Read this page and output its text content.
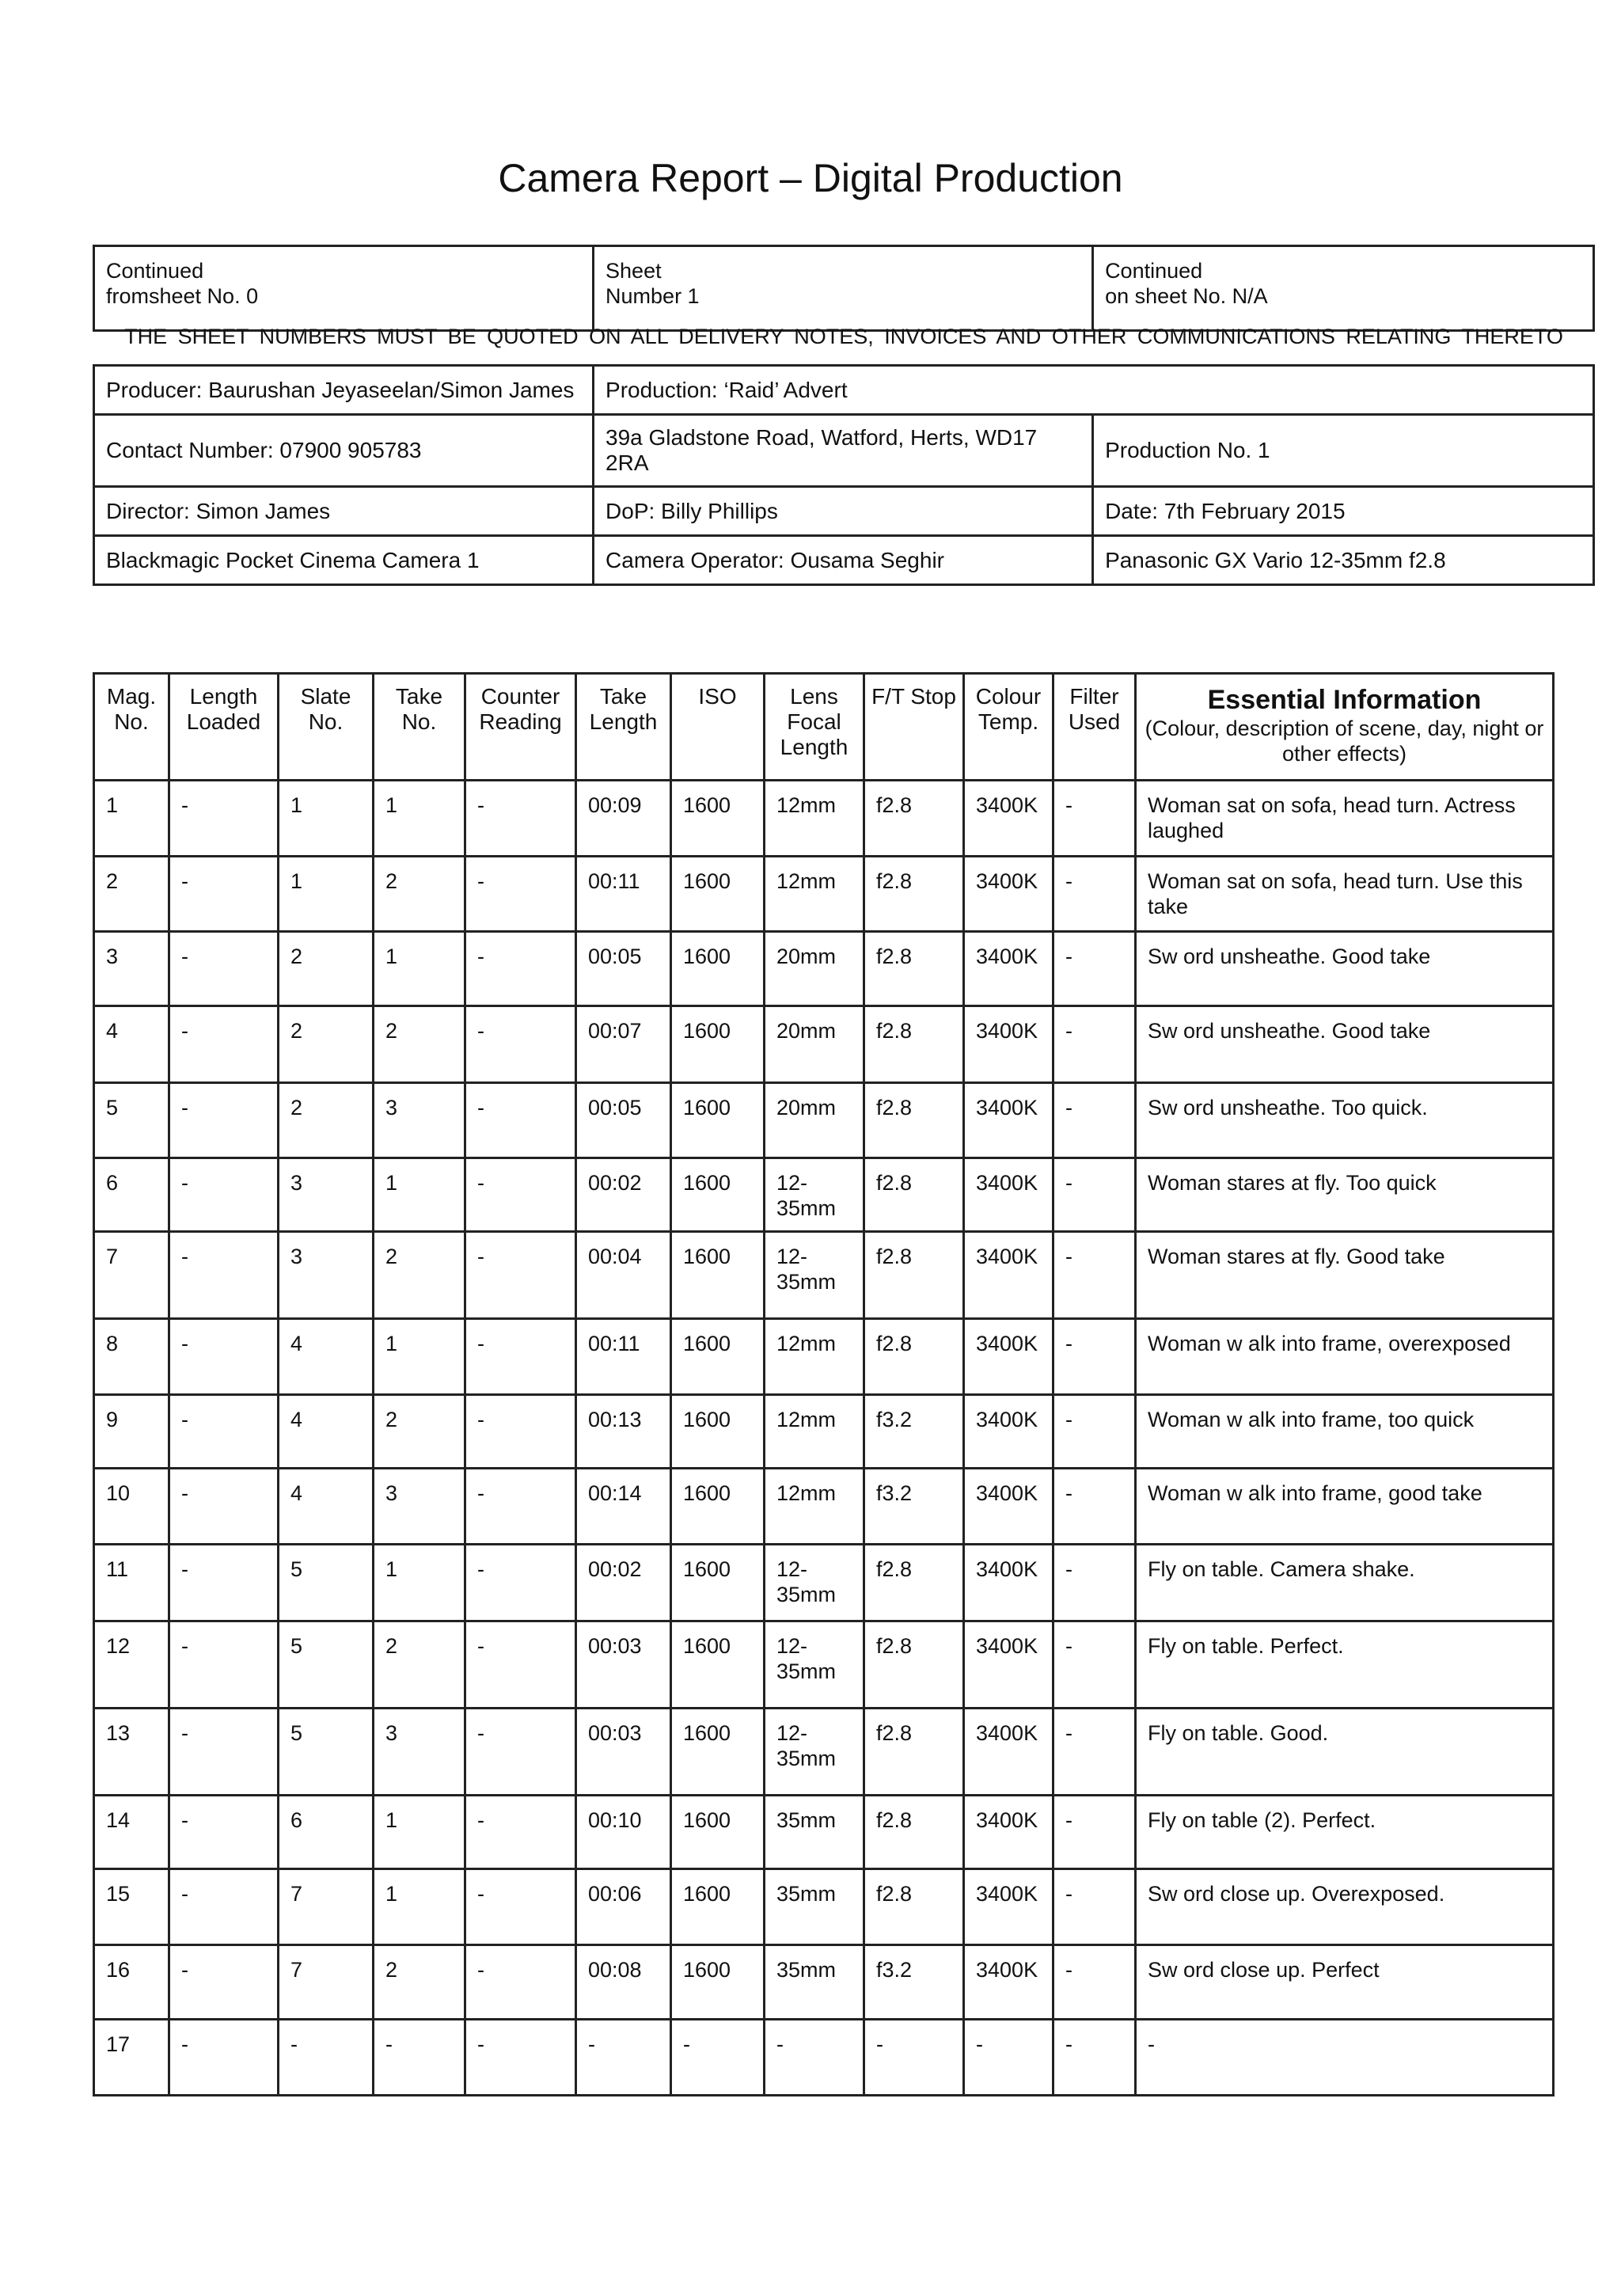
Camera Report – Digital Production
Continued
fromsheet No. 0

Sheet
Number 1

Continued
on sheet No. N/A
THE SHEET NUMBERS MUST BE QUOTED ON ALL DELIVERY NOTES, INVOICES AND OTHER COMMUNICATIONS RELATING THERETO
Producer: Baurushan Jeyaseelan/Simon James	Production: ‘Raid’ Advert	
Contact Number: 07900 905783	39a Gladstone Road, Watford, Herts, WD17 2RA	Production No. 1
Director: Simon James	DoP: Billy Phillips	Date: 7th February 2015
Blackmagic Pocket Cinema Camera 1	Camera Operator: Ousama Seghir	Panasonic GX Vario 12-35mm f2.8
Mag. No.	Length Loaded	Slate No.	Take No.	Counter Reading	Take Length	ISO	Lens Focal Length	F/T Stop	Colour Temp.	Filter Used	Essential Information
(Colour, description of scene, day, night or other effects)
1	-	1	1	-	00:09	1600	12mm	f2.8	3400K	-	Woman sat on sofa, head turn. Actress laughed
2	-	1	2	-	00:11	1600	12mm	f2.8	3400K	-	Woman sat on sofa, head turn. Use this take
3	-	2	1	-	00:05	1600	20mm	f2.8	3400K	-	Sw ord unsheathe. Good take
4	-	2	2	-	00:07	1600	20mm	f2.8	3400K	-	Sw ord unsheathe. Good take
5	-	2	3	-	00:05	1600	20mm	f2.8	3400K	-	Sw ord unsheathe. Too quick.
6	-	3	1	-	00:02	1600	12-35mm	f2.8	3400K	-	Woman stares at fly. Too quick
7	-	3	2	-	00:04	1600	12-35mm	f2.8	3400K	-	Woman stares at fly. Good take
8	-	4	1	-	00:11	1600	12mm	f2.8	3400K	-	Woman w alk into frame, overexposed
9	-	4	2	-	00:13	1600	12mm	f3.2	3400K	-	Woman w alk into frame, too quick
10	-	4	3	-	00:14	1600	12mm	f3.2	3400K	-	Woman w alk into frame, good take
11	-	5	1	-	00:02	1600	12-35mm	f2.8	3400K	-	Fly on table. Camera shake.
12	-	5	2	-	00:03	1600	12-35mm	f2.8	3400K	-	Fly on table. Perfect.
13	-	5	3	-	00:03	1600	12-35mm	f2.8	3400K	-	Fly on table. Good.
14	-	6	1	-	00:10	1600	35mm	f2.8	3400K	-	Fly on table (2). Perfect.
15	-	7	1	-	00:06	1600	35mm	f2.8	3400K	-	Sw ord close up. Overexposed.
16	-	7	2	-	00:08	1600	35mm	f3.2	3400K	-	Sw ord close up. Perfect
17	-	-	-	-	-	-	-	-	-	-	-
